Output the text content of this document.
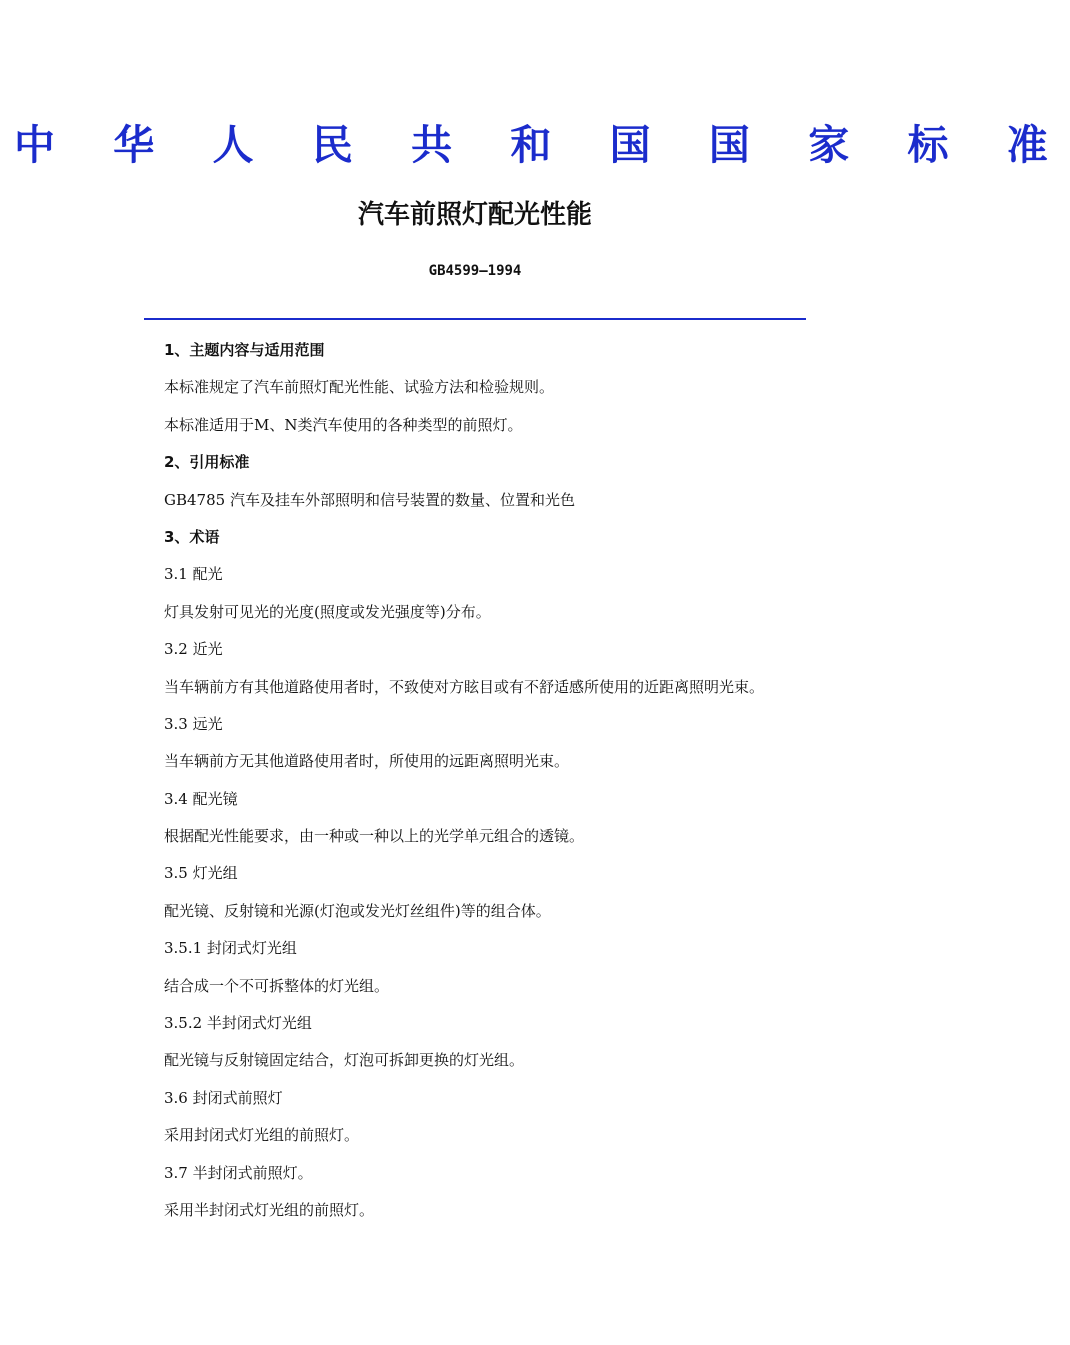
中 华 人 民 共 和 国 国 家 标 准
汽车前照灯配光性能
GB4599—1994
1、主题内容与适用范围
本标准规定了汽车前照灯配光性能、试验方法和检验规则。
本标准适用于M、N类汽车使用的各种类型的前照灯。
2、引用标准
GB4785 汽车及挂车外部照明和信号装置的数量、位置和光色
3、术语
3.1 配光
灯具发射可见光的光度(照度或发光强度等)分布。
3.2 近光
当车辆前方有其他道路使用者时，不致使对方眩目或有不舒适感所使用的近距离照明光束。
3.3 远光
当车辆前方无其他道路使用者时，所使用的远距离照明光束。
3.4 配光镜
根据配光性能要求，由一种或一种以上的光学单元组合的透镜。
3.5 灯光组
配光镜、反射镜和光源(灯泡或发光灯丝组件)等的组合体。
3.5.1 封闭式灯光组
结合成一个不可拆整体的灯光组。
3.5.2 半封闭式灯光组
配光镜与反射镜固定结合，灯泡可拆卸更换的灯光组。
3.6 封闭式前照灯
采用封闭式灯光组的前照灯。
3.7 半封闭式前照灯。
采用半封闭式灯光组的前照灯。
